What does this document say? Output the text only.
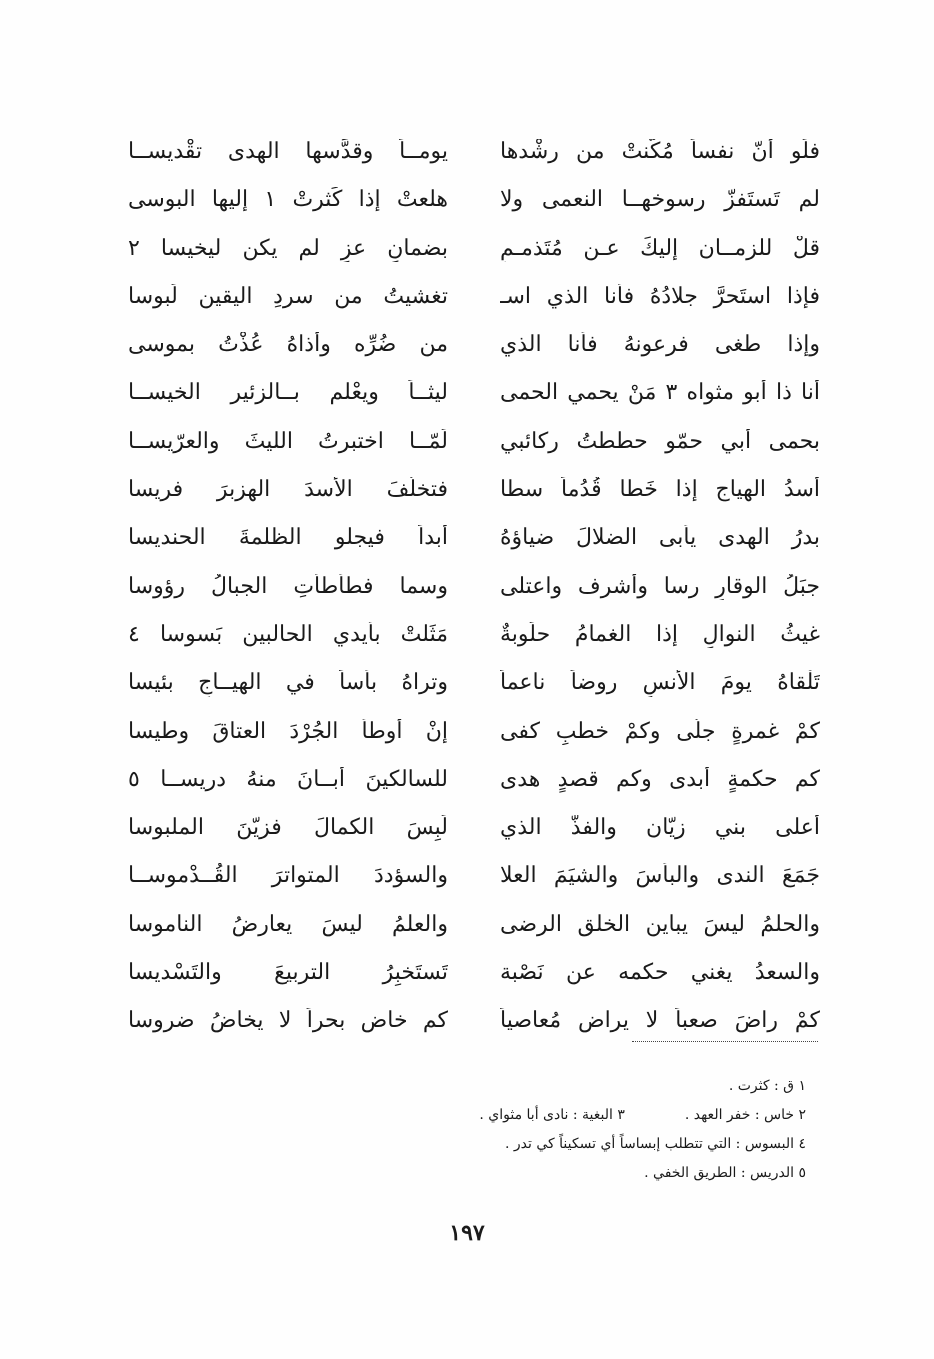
فلَو أنّ نفساً مُكّنتْ من رشْدها
يومــاً وقدَّسها الهدى تقْديســا
لم تَستَفزّ رسوخهــا النعمى ولا
هلعتْ إذا كَثرتْ ١ إليها البوسى
قلْ للزمــان إليكَ عـن مُتَذمـمٍ
بضمانِ عزٍ لم يكن ليخيسا ٢
فإذا استَحرَّ جلادُهُ فأنا الذي اسـ
تغشيتُ من سردِ اليقينِ لَبوسا
وإذا طغى فرعونهُ فأنا الذي
من ضُرِّه وأذاهُ عُذْتُ بموسى
أنا ذا أبو مثواه ٣ مَنْ يحمي الحمى
ليثــاً ويعْلم بــالزئير الخيســا
بحمى أبي حمّو حططتُ ركائبي
لَمّــا اختبرتُ الليثَ والعرّيســا
أسدُ الهياجِ إذا خَطا قُدُماً سطا
فتخلّفَ الأسدَ الهزبرَ فريسا
بدرُ الهدى يأبى الضلالَ ضياؤهُ
أبداً فيجلو الظلمةَ الحنديسا
جبَلُ الوقارِ رسا وأشرف واعتلى
وسما فطأطأتِ الجبالُ رؤوسا
غيثُ النوالِ إذا الغمامُ حلَوبةٌ
مَثَلتْ بأيدي الحالبين بَسوسا ٤
تَلْقاهُ يومَ الأنسِ روضاً ناعماً
وتراهُ بأساً في الهيــاجِ بئيسا
كمْ غمرةٍ جلّى وكمْ خطبٍ كفى
إنْ أوطأ الجُرْدَ العتاقَ وطيسا
كم حكمةٍ أبدى وكم قصدٍ هدى
للسالكينَ أبــانَ منهُ دريســا ٥
أعلى بني زيّان والفذُّ الذي
لَبِسَ الكمالَ فزيّنَ الملبوسا
جَمَعَ الندى والبأسَ والشيَمَ العلا
والسؤددَ المتواترَ القُــدْموســا
والحلمُ ليسَ يباين الخلق الرضى
والعلمُ ليسَ يعارضُ الناموسا
والسعدُ يغني حكمه عن نَصْبة
تَستَخبِرُ التربيعَ والتَسْديسا
كمْ راضَ صعباً لا يراض مُعاصياً
كم خاض بحراً لا يخاضُ ضروسا
١ ق : كثرت .
٢ خاس : خفر العهد .
٣ البغية : نادى أبا مثواي .
٤ البسوس : التي تتطلب إبساساً أي تسكيناً كي تدر .
٥ الدريس : الطريق الخفي .
١٩٧
